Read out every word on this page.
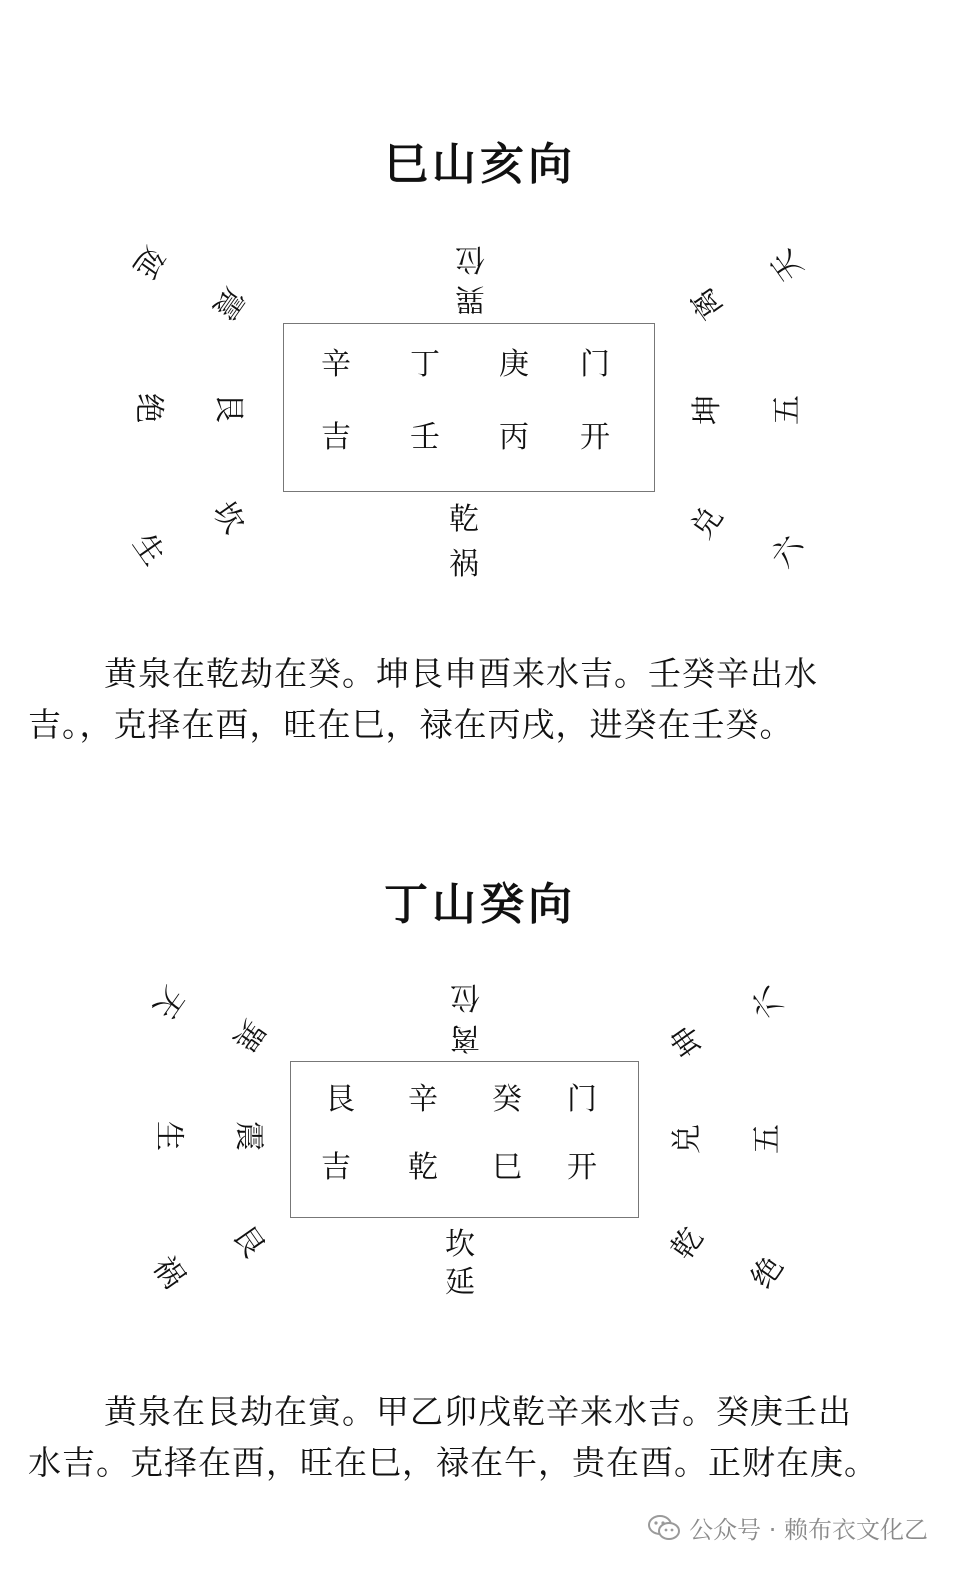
巳山亥向
位
巽
延
绝
生
震
艮
坎
离
坤
兑
天
五
六
辛 丁 庚 门
吉 壬 丙 开
乾
祸
黄泉在乾劫在癸。坤艮申酉来水吉。壬癸辛出水
吉。，克择在酉，旺在巳，禄在丙戌，进癸在壬癸。
丁山癸向
位
离
天
生
祸
巽
震
艮
坤
兑
乾
六
五
绝
艮 辛 癸 门
吉 乾 巳 开
坎
延
黄泉在艮劫在寅。甲乙卯戌乾辛来水吉。癸庚壬出
水吉。克择在酉，旺在巳，禄在午，贵在酉。正财在庚。
公众号 · 赖布衣文化乙
